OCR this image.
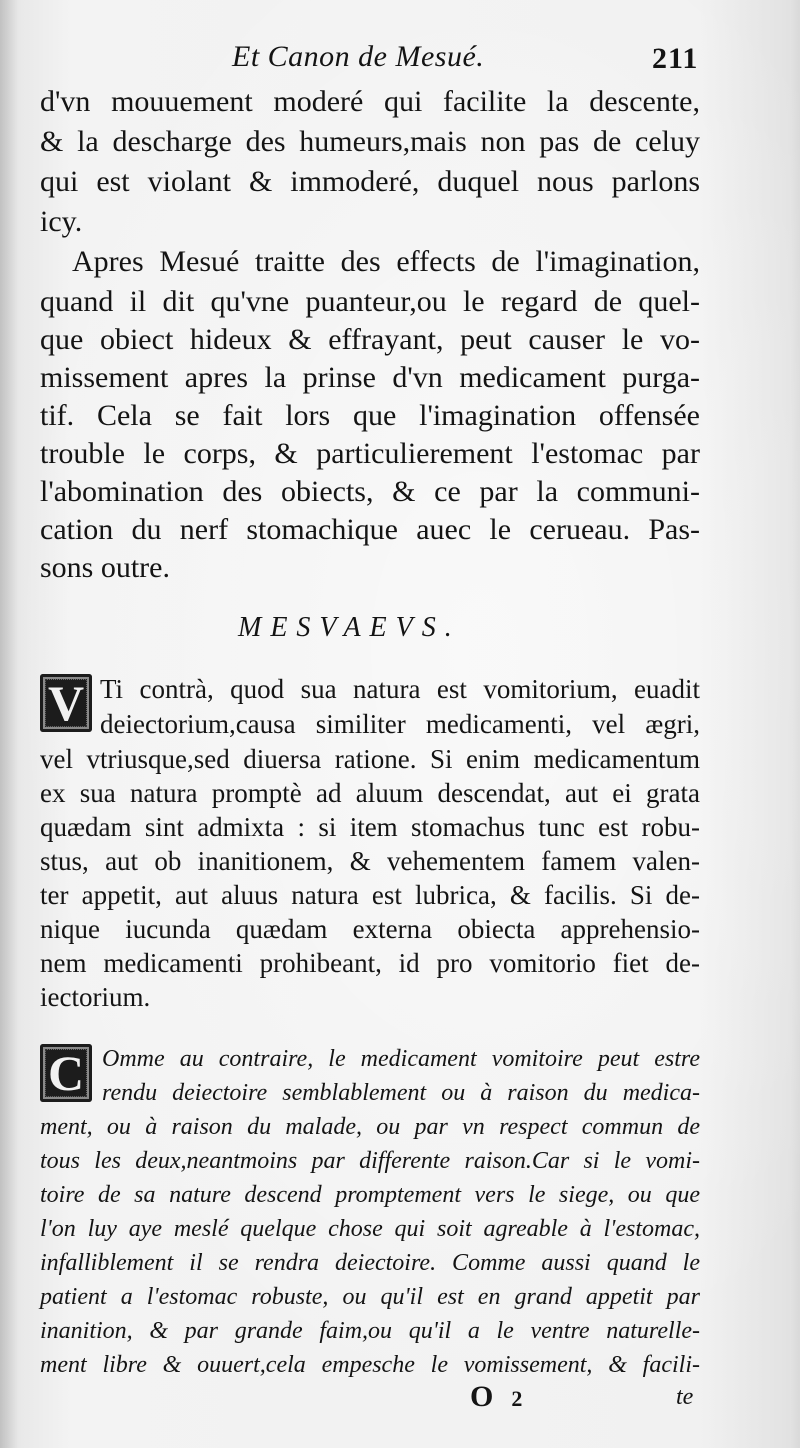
Et Canon de Mesué.	211
d'vn mouuement moderé qui facilite la descente,
& la descharge des humeurs,mais non pas de celuy
qui est violant & immoderé, duquel nous parlons
icy.
Apres Mesué traitte des effects de l'imagination,
quand il dit qu'vne puanteur,ou le regard de quel-
que obiect hideux & effrayant, peut causer le vo-
missement apres la prinse d'vn medicament purga-
tif. Cela se fait lors que l'imagination offensée
trouble le corps, & particulierement l'estomac par
l'abomination des obiects, & ce par la communi-
cation du nerf stomachique auec le cerueau. Pas-
sons outre.
MESVAEVS.
V Ti contrà, quod sua natura est vomitorium, euadit
deiectorium,causa similiter medicamenti, vel ægri,
vel vtriusque,sed diuersa ratione. Si enim medicamentum
ex sua natura promptè ad aluum descendat, aut ei grata
quædam sint admixta : si item stomachus tunc est robu-
stus, aut ob inanitionem, & vehementem famem valen-
ter appetit, aut aluus natura est lubrica, & facilis. Si de-
nique iucunda quædam externa obiecta apprehensio-
nem medicamenti prohibeant, id pro vomitorio fiet de-
iectorium.
C Omme au contraire, le medicament vomitoire peut estre
rendu deiectoire semblablement ou à raison du medica-
ment, ou à raison du malade, ou par vn respect commun de
tous les deux,neantmoins par differente raison.Car si le vomi-
toire de sa nature descend promptement vers le siege, ou que
l'on luy aye meslé quelque chose qui soit agreable à l'estomac,
infalliblement il se rendra deiectoire. Comme aussi quand le
patient a l'estomac robuste, ou qu'il est en grand appetit par
inanition, & par grande faim,ou qu'il a le ventre naturelle-
ment libre & ouuert,cela empesche le vomissement, & facili-
O 2	te
